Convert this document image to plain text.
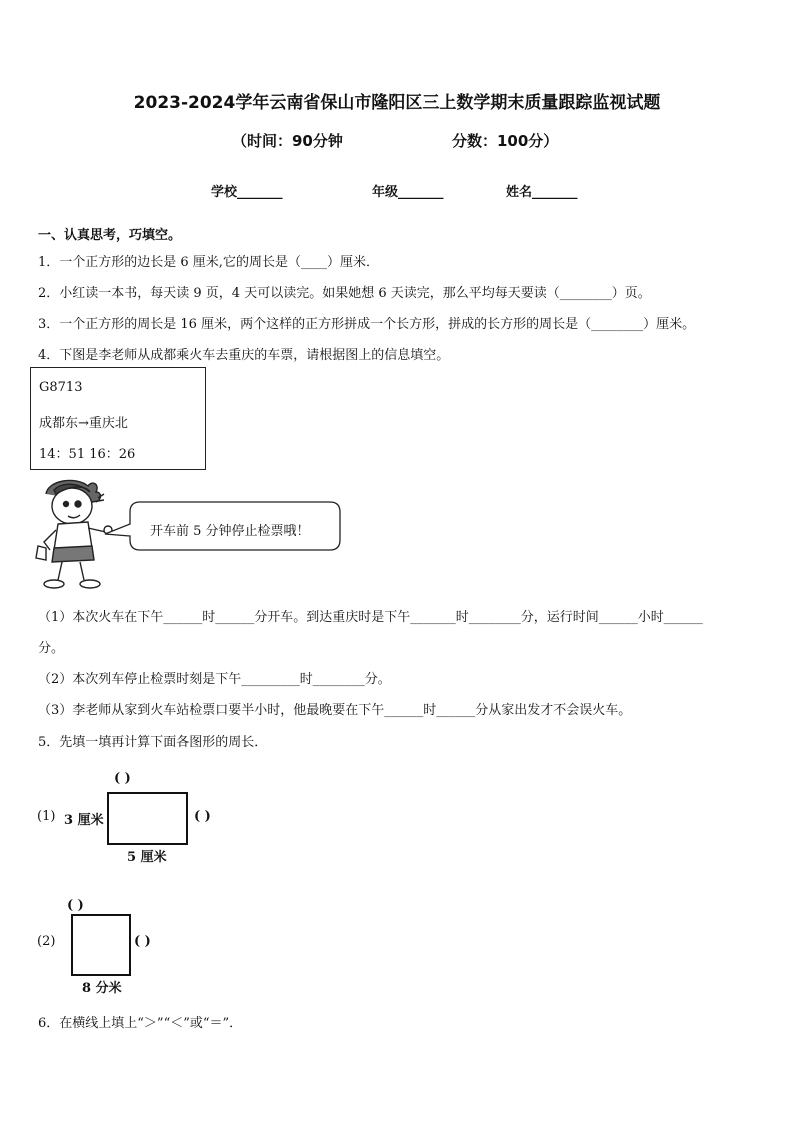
2023-2024学年云南省保山市隆阳区三上数学期末质量跟踪监视试题
（时间：90分钟	分数：100分）
学校_______	年级_______	姓名_______
一、认真思考，巧填空。
1．一个正方形的边长是 6 厘米,它的周长是（____）厘米．
2．小红读一本书，每天读 9 页，4 天可以读完。如果她想 6 天读完，那么平均每天要读（________）页。
3．一个正方形的周长是 16 厘米，两个这样的正方形拼成一个长方形，拼成的长方形的周长是（________）厘米。
4．下图是李老师从成都乘火车去重庆的车票，请根据图上的信息填空。
G8713
成都东→重庆北
14：51 16：26
开车前 5 分钟停止检票哦！
（1）本次火车在下午______时______分开车。到达重庆时是下午_______时________分，运行时间______小时______
分。
（2）本次列车停止检票时刻是下午_________时________分。
（3）李老师从家到火车站检票口要半小时，他最晚要在下午______时______分从家出发才不会误火车。
5．先填一填再计算下面各图形的周长．
(1)
( )
3 厘米	( )
5 厘米
(2)
( )
( )
8 分米
6．在横线上填上“＞”“＜”或“＝”．
